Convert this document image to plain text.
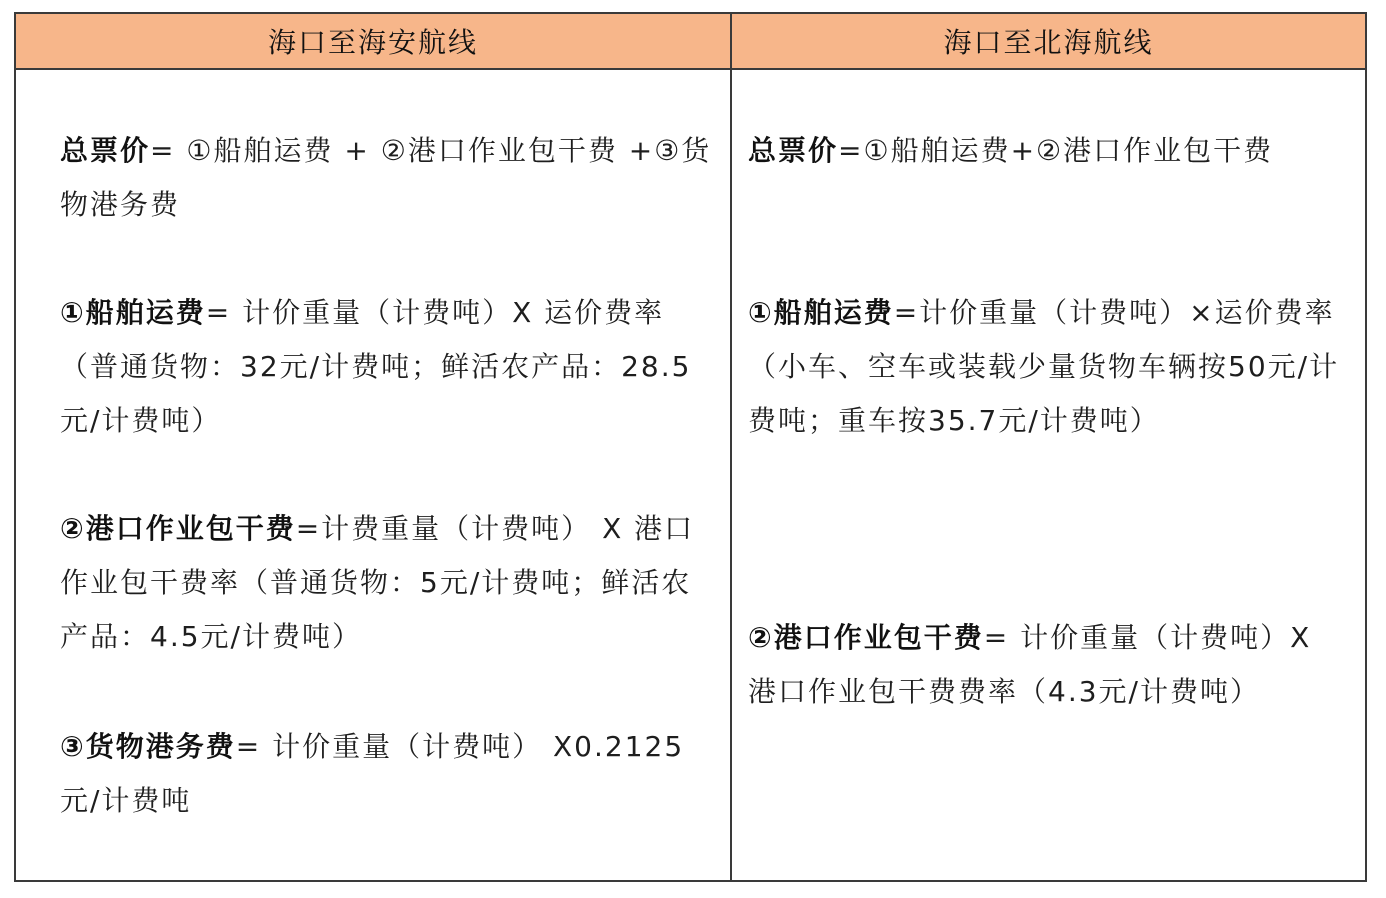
海口至海安航线	海口至北海航线

总票价= ①船舶运费 + ②港口作业包干费 +③货物港务费

①船舶运费= 计价重量（计费吨）X 运价费率（普通货物：32元/计费吨；鲜活农产品：28.5元/计费吨）

②港口作业包干费=计费重量（计费吨） X 港口作业包干费率（普通货物：5元/计费吨；鲜活农产品：4.5元/计费吨）

③货物港务费= 计价重量（计费吨） X0.2125元/计费吨

总票价=①船舶运费+②港口作业包干费

①船舶运费=计价重量（计费吨）×运价费率（小车、空车或装载少量货物车辆按50元/计费吨；重车按35.7元/计费吨）

②港口作业包干费= 计价重量（计费吨）X 港口作业包干费费率（4.3元/计费吨）
